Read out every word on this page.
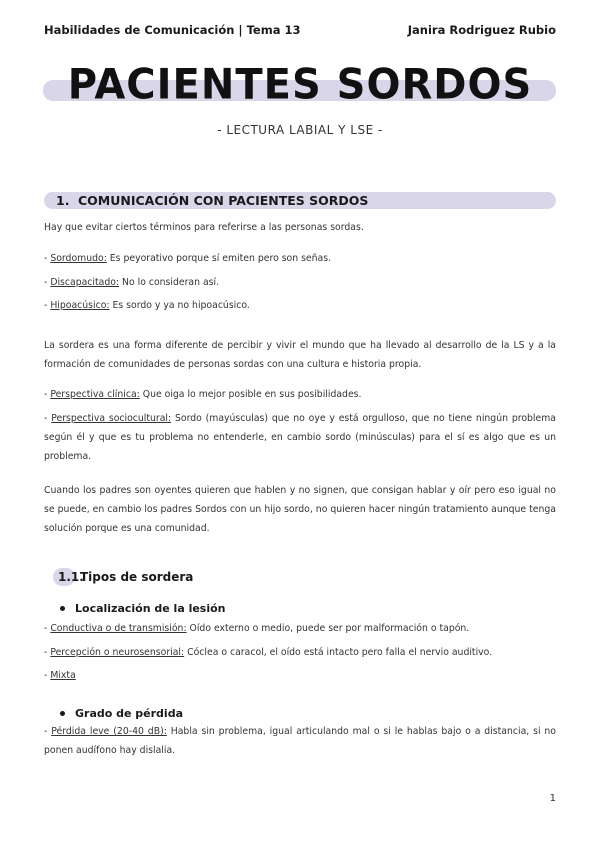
Habilidades de Comunicación | Tema 13	Janira Rodriguez Rubio
PACIENTES SORDOS
- LECTURA LABIAL Y LSE -
1. COMUNICACIÓN CON PACIENTES SORDOS
Hay que evitar ciertos términos para referirse a las personas sordas.
- Sordomudo: Es peyorativo porque sí emiten pero son señas.
- Discapacitado: No lo consideran así.
- Hipoacúsico: Es sordo y ya no hipoacúsico.
La sordera es una forma diferente de percibir y vivir el mundo que ha llevado al desarrollo de la LS y a la formación de comunidades de personas sordas con una cultura e historia propia.
- Perspectiva clínica: Que oiga lo mejor posible en sus posibilidades.
- Perspectiva sociocultural: Sordo (mayúsculas) que no oye y está orgulloso, que no tiene ningún problema según él y que es tu problema no entenderle, en cambio sordo (minúsculas) para el sí es algo que es un problema.
Cuando los padres son oyentes quieren que hablen y no signen, que consigan hablar y oír pero eso igual no se puede, en cambio los padres Sordos con un hijo sordo, no quieren hacer ningún tratamiento aunque tenga solución porque es una comunidad.
1.1.Tipos de sordera
Localización de la lesión
- Conductiva o de transmisión: Oído externo o medio, puede ser por malformación o tapón.
- Percepción o neurosensorial: Cóclea o caracol, el oído está intacto pero falla el nervio auditivo.
- Mixta
Grado de pérdida
- Pérdida leve (20-40 dB): Habla sin problema, igual articulando mal o si le hablas bajo o a distancia, si no ponen audífono hay dislalia.
1
